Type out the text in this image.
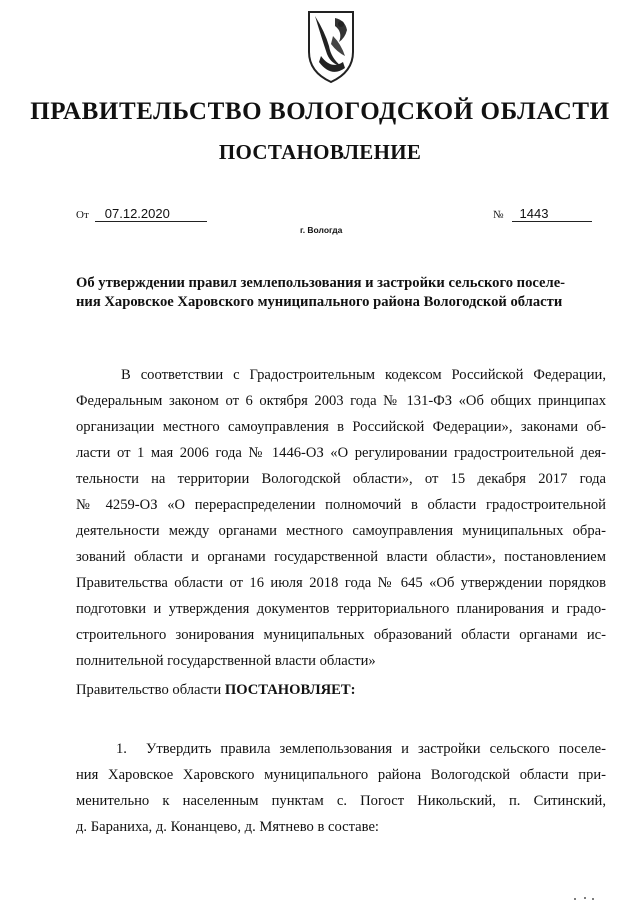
ПРАВИТЕЛЬСТВО ВОЛОГОДСКОЙ ОБЛАСТИ
ПОСТАНОВЛЕНИЕ
От 07.12.2020	№ 1443
г. Вологда
Об утверждении правил землепользования и застройки сельского поселе-
ния Харовское Харовского муниципального района Вологодской области
В соответствии с Градостроительным кодексом Российской Федерации,
Федеральным законом от 6 октября 2003 года № 131-ФЗ «Об общих принципах
организации местного самоуправления в Российской Федерации», законами об-
ласти от 1 мая 2006 года № 1446-ОЗ «О регулировании градостроительной дея-
тельности на территории Вологодской области», от 15 декабря 2017 года
№ 4259-ОЗ «О перераспределении полномочий в области градостроительной
деятельности между органами местного самоуправления муниципальных обра-
зований области и органами государственной власти области», постановлением
Правительства области от 16 июля 2018 года № 645 «Об утверждении порядков
подготовки и утверждения документов территориального планирования и градо-
строительного зонирования муниципальных образований области органами ис-
полнительной государственной власти области»
Правительство области ПОСТАНОВЛЯЕТ:
1. Утвердить правила землепользования и застройки сельского поселе-
ния Харовское Харовского муниципального района Вологодской области при-
менительно к населенным пунктам с. Погост Никольский, п. Ситинский,
д. Бараниха, д. Конанцево, д. Мятнево в составе:
